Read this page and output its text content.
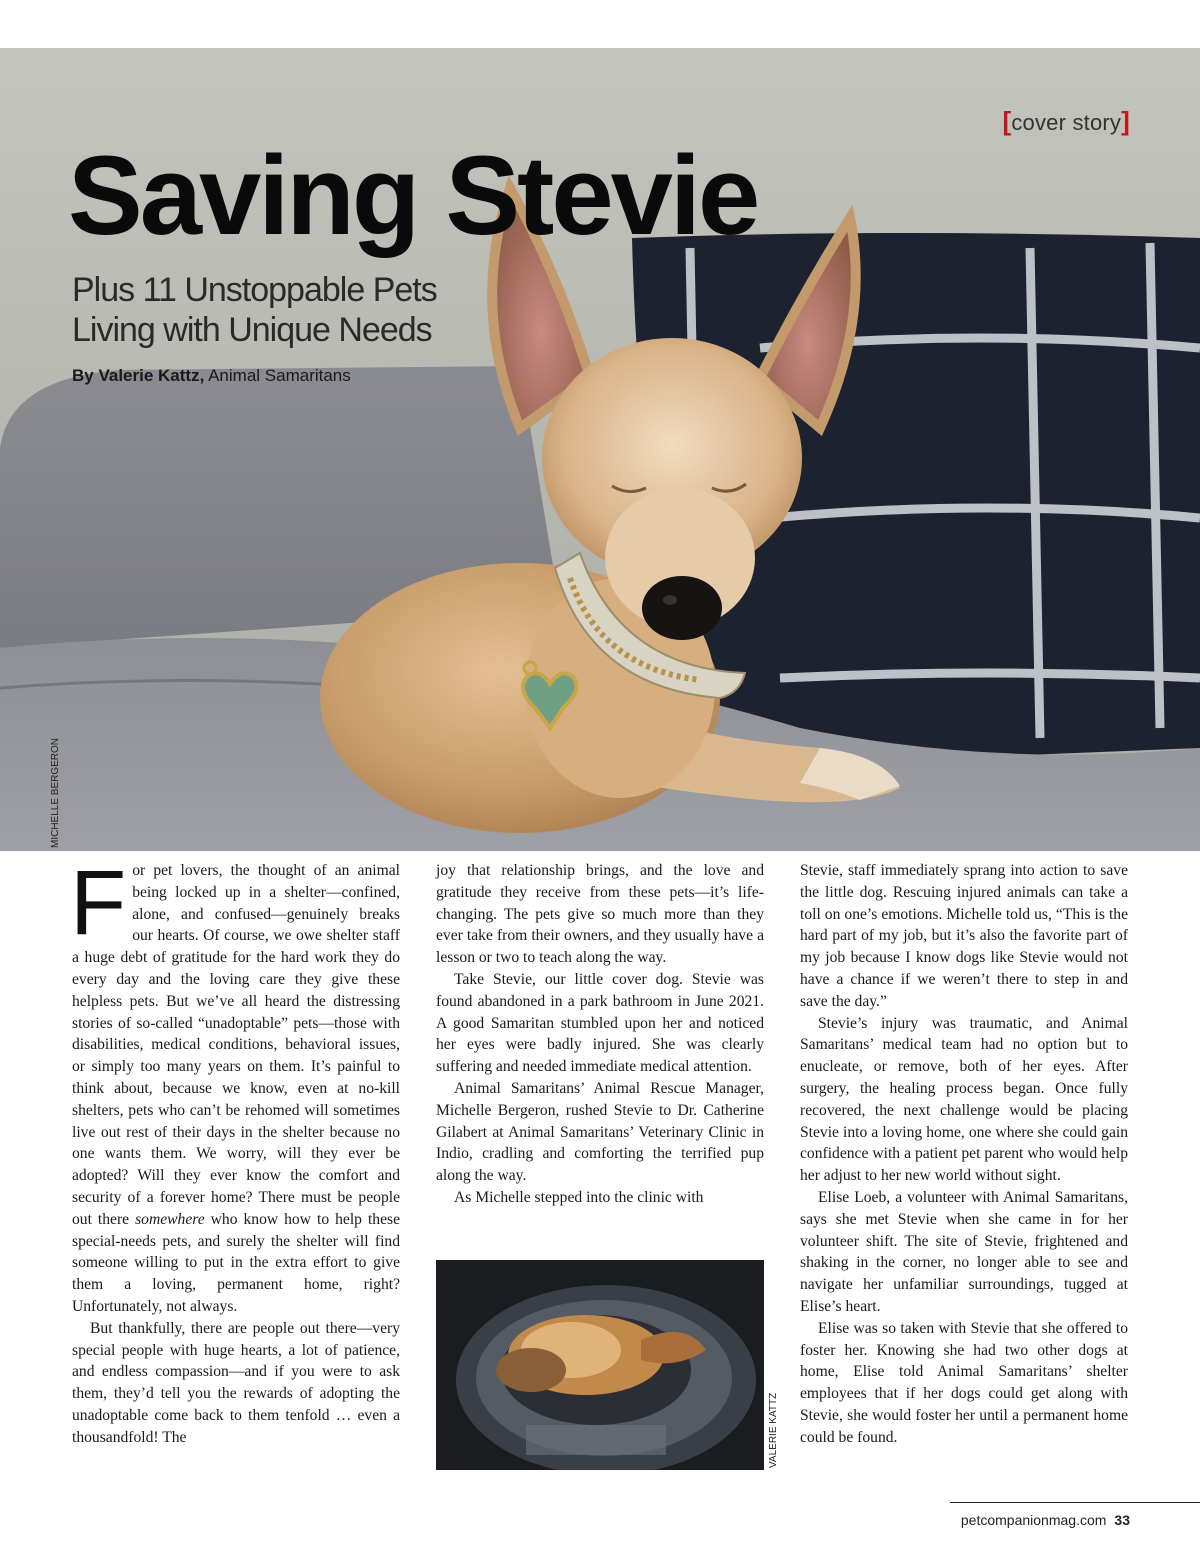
[cover story]
Saving Stevie
Plus 11 Unstoppable Pets
Living with Unique Needs
By Valerie Kattz, Animal Samaritans
MICHELLE BERGERON

For pet lovers, the thought of an animal being locked up in a shelter—confined, alone, and confused—genuinely breaks our hearts. Of course, we owe shelter staff a huge debt of gratitude for the hard work they do every day and the loving care they give these helpless pets. But we’ve all heard the distressing stories of so-called “unadoptable” pets—those with disabilities, medical conditions, behavioral issues, or simply too many years on them. It’s painful to think about, because we know, even at no-kill shelters, pets who can’t be rehomed will sometimes live out rest of their days in the shelter because no one wants them. We worry, will they ever be adopted? Will they ever know the comfort and security of a forever home? There must be people out there somewhere who know how to help these special-needs pets, and surely the shelter will find someone willing to put in the extra effort to give them a loving, permanent home, right? Unfortunately, not always.

But thankfully, there are people out there—very special people with huge hearts, a lot of patience, and endless compassion—and if you were to ask them, they’d tell you the rewards of adopting the unadoptable come back to them tenfold … even a thousandfold! The

joy that relationship brings, and the love and gratitude they receive from these pets—it’s life-changing. The pets give so much more than they ever take from their owners, and they usually have a lesson or two to teach along the way.

Take Stevie, our little cover dog. Stevie was found abandoned in a park bathroom in June 2021. A good Samaritan stumbled upon her and noticed her eyes were badly injured. She was clearly suffering and needed immediate medical attention.

Animal Samaritans’ Animal Rescue Manager, Michelle Bergeron, rushed Stevie to Dr. Catherine Gilabert at Animal Samaritans’ Veterinary Clinic in Indio, cradling and comforting the terrified pup along the way.

As Michelle stepped into the clinic with

VALERIE KATTZ

Stevie, staff immediately sprang into action to save the little dog. Rescuing injured animals can take a toll on one’s emotions. Michelle told us, “This is the hard part of my job, but it’s also the favorite part of my job because I know dogs like Stevie would not have a chance if we weren’t there to step in and save the day.”

Stevie’s injury was traumatic, and Animal Samaritans’ medical team had no option but to enucleate, or remove, both of her eyes. After surgery, the healing process began. Once fully recovered, the next challenge would be placing Stevie into a loving home, one where she could gain confidence with a patient pet parent who would help her adjust to her new world without sight.

Elise Loeb, a volunteer with Animal Samaritans, says she met Stevie when she came in for her volunteer shift. The site of Stevie, frightened and shaking in the corner, no longer able to see and navigate her unfamiliar surroundings, tugged at Elise’s heart.

Elise was so taken with Stevie that she offered to foster her. Knowing she had two other dogs at home, Elise told Animal Samaritans’ shelter employees that if her dogs could get along with Stevie, she would foster her until a permanent home could be found.

petcompanionmag.com 33
